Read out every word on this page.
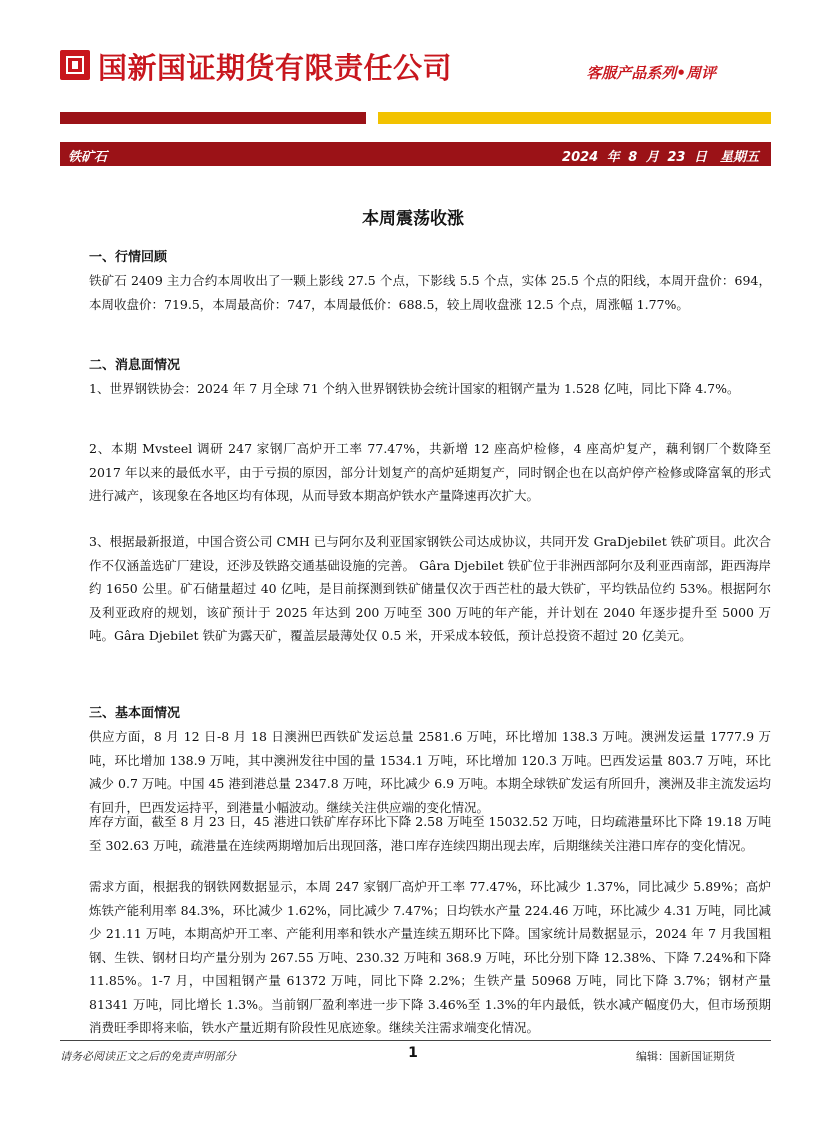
国新国证期货有限责任公司	客服产品系列•周评
铁矿石	2024 年 8 月 23 日　星期五
本周震荡收涨
一、行情回顾

铁矿石 2409 主力合约本周收出了一颗上影线 27.5 个点，下影线 5.5 个点，实体 25.5 个点的阳线，本周开盘价：694，本周收盘价：719.5，本周最高价：747，本周最低价：688.5，较上周收盘涨 12.5 个点，周涨幅 1.77%。

二、消息面情况

1、世界钢铁协会：2024 年 7 月全球 71 个纳入世界钢铁协会统计国家的粗钢产量为 1.528 亿吨，同比下降 4.7%。

2、本期 Mvsteel 调研 247 家钢厂高炉开工率 77.47%，共新增 12 座高炉检修，4 座高炉复产，藕利钢厂个数降至 2017 年以来的最低水平，由于亏损的原因，部分计划复产的高炉延期复产，同时钢企也在以高炉停产检修或降富氧的形式进行减产，该现象在各地区均有体现，从而导致本期高炉铁水产量降速再次扩大。

3、根据最新报道，中国合资公司 CMH 已与阿尔及利亚国家钢铁公司达成协议，共同开发 GraDjebilet 铁矿项目。此次合作不仅涵盖选矿厂建设，还涉及铁路交通基础设施的完善。 Gâra Djebilet 铁矿位于非洲西部阿尔及利亚西南部，距西海岸约 1650 公里。矿石储量超过 40 亿吨，是目前探测到铁矿储量仅次于西芒杜的最大铁矿，平均铁品位约 53%。根据阿尔及利亚政府的规划，该矿预计于 2025 年达到 200 万吨至 300 万吨的年产能，并计划在 2040 年逐步提升至 5000 万吨。Gâra Djebilet 铁矿为露天矿，覆盖层最薄处仅 0.5 米，开采成本较低，预计总投资不超过 20 亿美元。

三、基本面情况

供应方面，8 月 12 日-8 月 18 日澳洲巴西铁矿发运总量 2581.6 万吨，环比增加 138.3 万吨。澳洲发运量 1777.9 万吨，环比增加 138.9 万吨，其中澳洲发往中国的量 1534.1 万吨，环比增加 120.3 万吨。巴西发运量 803.7 万吨，环比减少 0.7 万吨。中国 45 港到港总量 2347.8 万吨，环比减少 6.9 万吨。本期全球铁矿发运有所回升，澳洲及非主流发运均有回升，巴西发运持平，到港量小幅波动。继续关注供应端的变化情况。

库存方面，截至 8 月 23 日，45 港进口铁矿库存环比下降 2.58 万吨至 15032.52 万吨，日均疏港量环比下降 19.18 万吨至 302.63 万吨，疏港量在连续两期增加后出现回落，港口库存连续四期出现去库，后期继续关注港口库存的变化情况。

需求方面，根据我的钢铁网数据显示，本周 247 家钢厂高炉开工率 77.47%，环比减少 1.37%，同比减少 5.89%；高炉炼铁产能利用率 84.3%，环比减少 1.62%，同比减少 7.47%；日均铁水产量 224.46 万吨，环比减少 4.31 万吨，同比减少 21.11 万吨，本期高炉开工率、产能利用率和铁水产量连续五期环比下降。国家统计局数据显示，2024 年 7 月我国粗钢、生铁、钢材日均产量分别为 267.55 万吨、230.32 万吨和 368.9 万吨，环比分别下降 12.38%、下降 7.24%和下降 11.85%。1-7 月，中国粗钢产量 61372 万吨，同比下降 2.2%；生铁产量 50968 万吨，同比下降 3.7%；钢材产量 81341 万吨，同比增长 1.3%。当前钢厂盈利率进一步下降 3.46%至 1.3%的年内最低，铁水减产幅度仍大，但市场预期消费旺季即将来临，铁水产量近期有阶段性见底迹象。继续关注需求端变化情况。

请务必阅读正文之后的免责声明部分	1	编辑：国新国证期货
